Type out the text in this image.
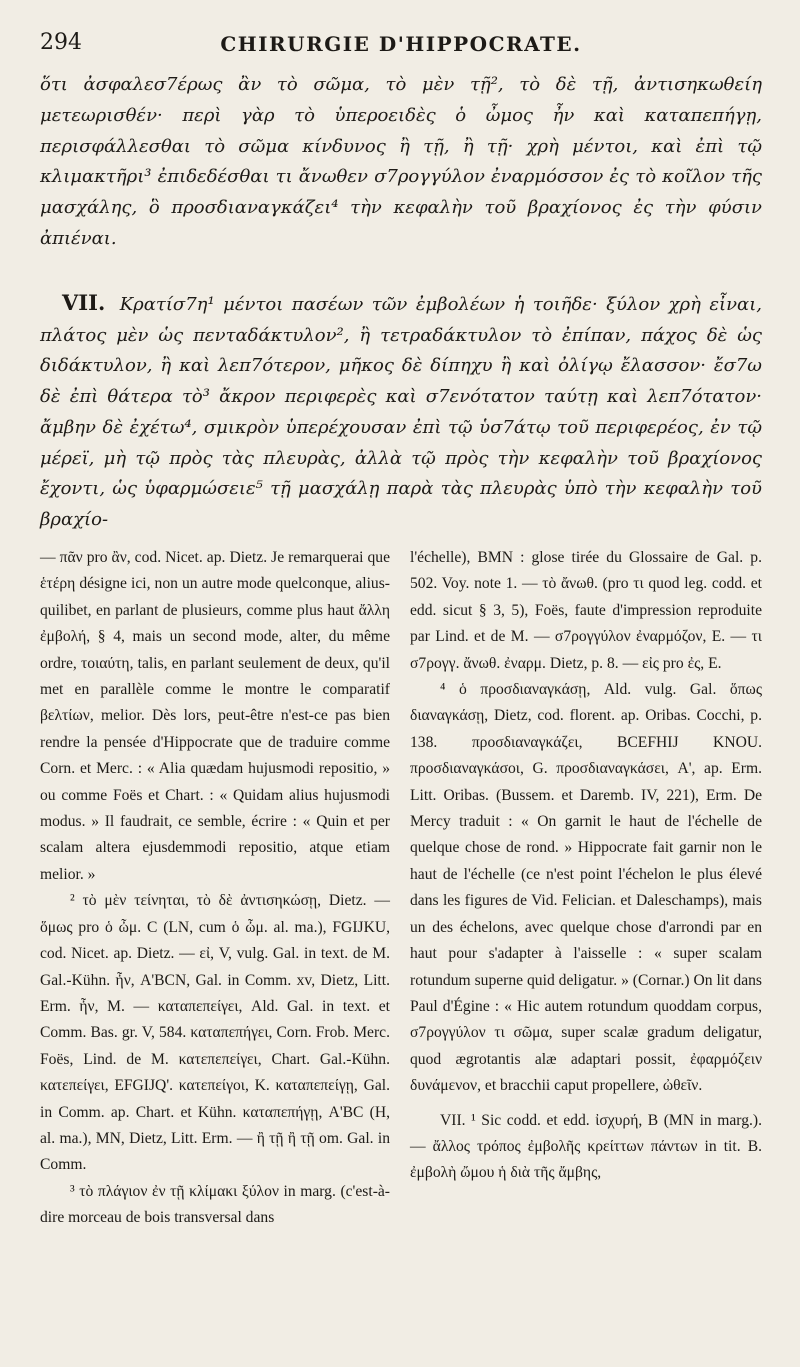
294	CHIRURGIE D'HIPPOCRATE.

ὅτι ἀσφαλεσ7έρως ἂν τὸ σῶμα, τὸ μὲν τῇ², τὸ δὲ τῇ, ἀντισηκωθείη μετεωρισθέν· περὶ γὰρ τὸ ὑπεροειδὲς ὁ ὦμος ἦν καὶ καταπεπήγῃ, περισφάλλεσθαι τὸ σῶμα κίνδυνος ἢ τῇ, ἢ τῇ· χρὴ μέντοι, καὶ ἐπὶ τῷ κλιμακτῆρι³ ἐπιδεδέσθαι τι ἄνωθεν σ7ρογγύλον ἐναρμόσσον ἐς τὸ κοῖλον τῆς μασχάλης, ὃ προσδιαναγκάζει⁴ τὴν κεφαλὴν τοῦ βραχίονος ἐς τὴν φύσιν ἀπιέναι.

VII. Κρατίσ7η¹ μέντοι πασέων τῶν ἐμβολέων ἡ τοιῆδε· ξύλον χρὴ εἶναι, πλάτος μὲν ὡς πενταδάκτυλον², ἢ τετραδάκτυλον τὸ ἐπίπαν, πάχος δὲ ὡς διδάκτυλον, ἢ καὶ λεπ7ότερον, μῆκος δὲ δίπηχυ ἢ καὶ ὀλίγῳ ἔλασσον· ἔσ7ω δὲ ἐπὶ θάτερα τὸ³ ἄκρον περιφερὲς καὶ σ7ενότατον ταύτῃ καὶ λεπ7ότατον· ἄμβην δὲ ἐχέτω⁴, σμικρὸν ὑπερέχουσαν ἐπὶ τῷ ὑσ7άτῳ τοῦ περιφερέος, ἐν τῷ μέρεϊ, μὴ τῷ πρὸς τὰς πλευρὰς, ἀλλὰ τῷ πρὸς τὴν κεφαλὴν τοῦ βραχίονος ἔχοντι, ὡς ὑφαρμώσειε⁵ τῇ μασχάλῃ παρὰ τὰς πλευρὰς ὑπὸ τὴν κεφαλὴν τοῦ βραχίο-

— πᾶν pro ἂν, cod. Nicet. ap. Dietz. Je remarquerai que ἑτέρη désigne ici, non un autre mode quelconque, alius-quilibet, en parlant de plusieurs, comme plus haut ἄλλη ἐμβολή, § 4, mais un second mode, alter, du même ordre, τοιαύτη, talis, en parlant seulement de deux, qu'il met en parallèle comme le montre le comparatif βελτίων, melior. Dès lors, peut-être n'est-ce pas bien rendre la pensée d'Hippocrate que de traduire comme Corn. et Merc. : « Alia quædam hujusmodi repositio, » ou comme Foës et Chart. : « Quidam alius hujusmodi modus. » Il faudrait, ce semble, écrire : « Quin et per scalam altera ejusdemmodi repositio, atque etiam melior. »

² τὸ μὲν τείνηται, τὸ δὲ ἀντισηκώσῃ, Dietz. — ὅμως pro ὁ ὦμ. C (LN, cum ὁ ὦμ. al. ma.), FGIJKU, cod. Nicet. ap. Dietz. — εἰ, V, vulg. Gal. in text. de M. Gal.-Kühn. ἦν, A'BCN, Gal. in Comm. xv, Dietz, Litt. Erm. ἦν, M. — καταπεπείγει, Ald. Gal. in text. et Comm. Bas. gr. V, 584. καταπεπήγει, Corn. Frob. Merc. Foës, Lind. de M. κατεπεπείγει, Chart. Gal.-Kühn. κατεπείγει, EFGIJQ'. κατεπείγοι, K. καταπεπείγῃ, Gal. in Comm. ap. Chart. et Kühn. καταπεπήγῃ, A'BC (H, al. ma.), MN, Dietz, Litt. Erm. — ἢ τῇ ἢ τῇ om. Gal. in Comm.

³ τὸ πλάγιον ἐν τῇ κλίμακι ξύλον in marg. (c'est-à-dire morceau de bois transversal dans

l'échelle), BMN : glose tirée du Glossaire de Gal. p. 502. Voy. note 1. — τὸ ἄνωθ. (pro τι quod leg. codd. et edd. sicut § 3, 5), Foës, faute d'impression reproduite par Lind. et de M. — σ7ρογγύλον ἐναρμόζον, E. — τι σ7ρογγ. ἄνωθ. ἐναρμ. Dietz, p. 8. — εἰς pro ἐς, E.

⁴ ὁ προσδιαναγκάσῃ, Ald. vulg. Gal. ὅπως διαναγκάσῃ, Dietz, cod. florent. ap. Oribas. Cocchi, p. 138. προσδιαναγκάζει, BCEFHIJ KNOU. προσδιαναγκάσοι, G. προσδιαναγκάσει, A', ap. Erm. Litt. Oribas. (Bussem. et Daremb. IV, 221), Erm. De Mercy traduit : « On garnit le haut de l'échelle de quelque chose de rond. » Hippocrate fait garnir non le haut de l'échelle (ce n'est point l'échelon le plus élevé dans les figures de Vid. Felician. et Daleschamps), mais un des échelons, avec quelque chose d'arrondi par en haut pour s'adapter à l'aisselle : « super scalam rotundum superne quid deligatur. » (Cornar.) On lit dans Paul d'Égine : « Hic autem rotundum quoddam corpus, σ7ρογγύλον τι σῶμα, super scalæ gradum deligatur, quod ægrotantis alæ adaptari possit, ἐφαρμόζειν δυνάμενον, et bracchii caput propellere, ὠθεῖν.

VII. ¹ Sic codd. et edd. ἰσχυρή, B (MN in marg.). — ἄλλος τρόπος ἐμβολῆς κρείττων πάντων in tit. B. ἐμβολὴ ὤμου ἡ διὰ τῆς ἄμβης,
